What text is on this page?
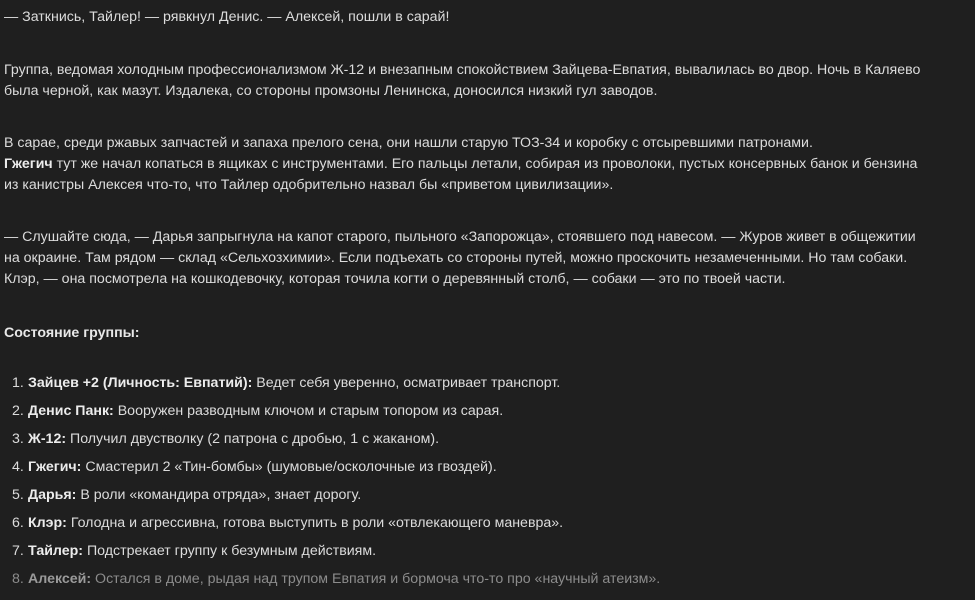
— Заткнись, Тайлер! — рявкнул Денис. — Алексей, пошли в сарай!

Группа, ведомая холодным профессионализмом Ж-12 и внезапным спокойствием Зайцева-Евпатия, вывалилась во двор. Ночь в Каляево
была черной, как мазут. Издалека, со стороны промзоны Ленинска, доносился низкий гул заводов.

В сарае, среди ржавых запчастей и запаха прелого сена, они нашли старую ТОЗ-34 и коробку с отсыревшими патронами.
Гжегич тут же начал копаться в ящиках с инструментами. Его пальцы летали, собирая из проволоки, пустых консервных банок и бензина
из канистры Алексея что-то, что Тайлер одобрительно назвал бы «приветом цивилизации».

— Слушайте сюда, — Дарья запрыгнула на капот старого, пыльного «Запорожца», стоявшего под навесом. — Журов живет в общежитии
на окраине. Там рядом — склад «Сельхозхимии». Если подъехать со стороны путей, можно проскочить незамеченными. Но там собаки.
Клэр, — она посмотрела на кошкодевочку, которая точила когти о деревянный столб, — собаки — это по твоей части.

Состояние группы:

1. Зайцев +2 (Личность: Евпатий): Ведет себя уверенно, осматривает транспорт.
2. Денис Панк: Вооружен разводным ключом и старым топором из сарая.
3. Ж-12: Получил двустволку (2 патрона с дробью, 1 с жаканом).
4. Гжегич: Смастерил 2 «Тин-бомбы» (шумовые/осколочные из гвоздей).
5. Дарья: В роли «командира отряда», знает дорогу.
6. Клэр: Голодна и агрессивна, готова выступить в роли «отвлекающего маневра».
7. Тайлер: Подстрекает группу к безумным действиям.
8. Алексей: Остался в доме, рыдая над трупом Евпатия и бормоча что-то про «научный атеизм».
